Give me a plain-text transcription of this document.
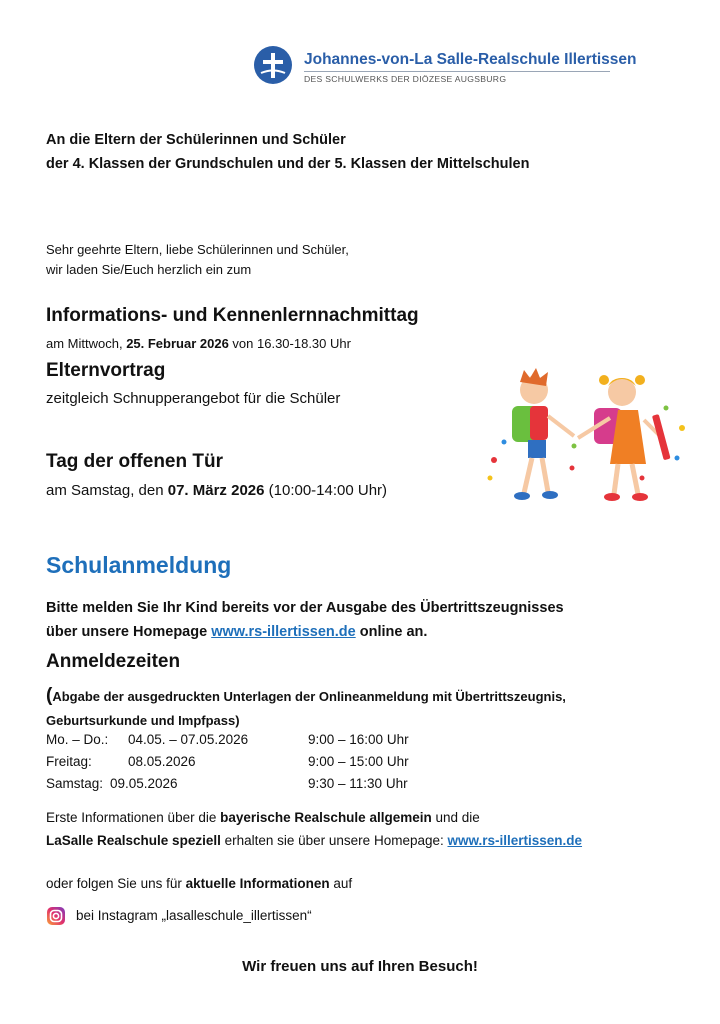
Johannes-von-La Salle-Realschule Illertissen
DES SCHULWERKS DER DIÖZESE AUGSBURG
An die Eltern der Schülerinnen und Schüler
der 4. Klassen der Grundschulen und der 5. Klassen der Mittelschulen
Sehr geehrte Eltern, liebe Schülerinnen und Schüler,
wir laden Sie/Euch herzlich ein zum
Informations- und Kennenlernnachmittag
am Mittwoch, 25. Februar 2026 von 16.30-18.30 Uhr
Elternvortrag
zeitgleich Schnupperangebot für die Schüler
Tag der offenen Tür
am Samstag, den 07. März 2026 (10:00-14:00 Uhr)
Schulanmeldung
Bitte melden Sie Ihr Kind bereits vor der Ausgabe des Übertrittszeugnisses
über unsere Homepage www.rs-illertissen.de online an.
Anmeldezeiten
(Abgabe der ausgedruckten Unterlagen der Onlineanmeldung mit Übertrittszeugnis,
Geburtsurkunde und Impfpass)
Mo. – Do.: 04.05. – 07.05.2026	9:00 – 16:00 Uhr
Freitag:	08.05.2026	9:00 – 15:00 Uhr
Samstag: 09.05.2026	9:30 – 11:30 Uhr
Erste Informationen über die bayerische Realschule allgemein und die
LaSalle Realschule speziell erhalten sie über unsere Homepage: www.rs-illertissen.de
oder folgen Sie uns für aktuelle Informationen auf
bei Instagram „lasalleschule_illertissen“
Wir freuen uns auf Ihren Besuch!
